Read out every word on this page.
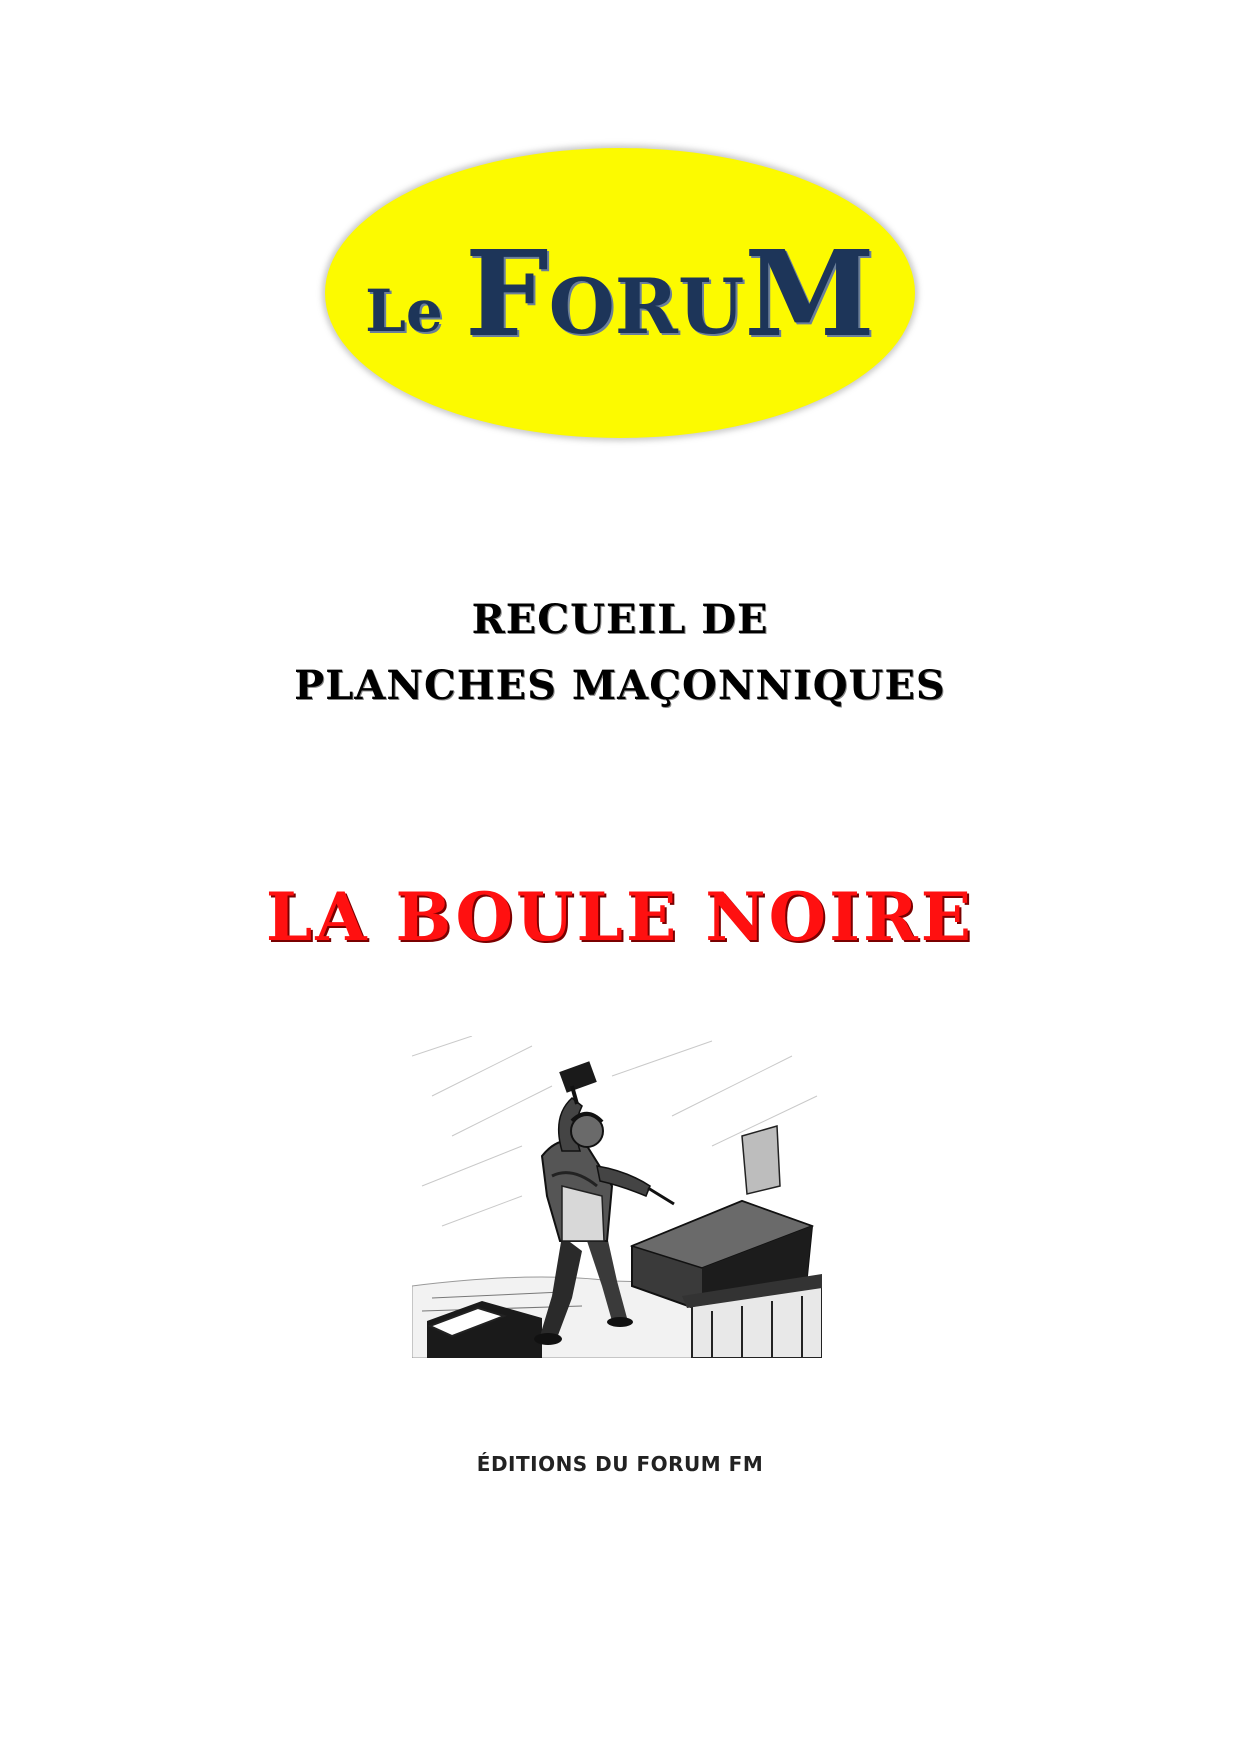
Le F ORU M
RECUEIL DE
PLANCHES MAÇONNIQUES
LA BOULE NOIRE
ÉDITIONS DU FORUM FM
